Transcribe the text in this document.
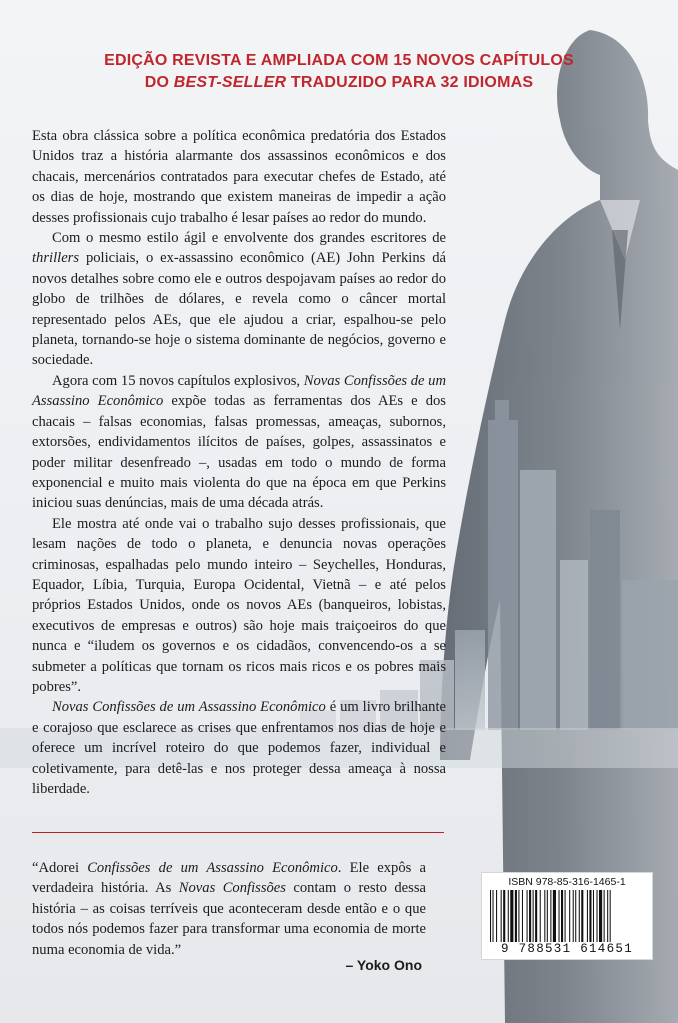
EDIÇÃO REVISTA E AMPLIADA COM 15 NOVOS CAPÍTULOS
DO BEST-SELLER TRADUZIDO PARA 32 IDIOMAS

Esta obra clássica sobre a política econômica predatória dos Estados Unidos traz a história alarmante dos assassinos econômicos e dos chacais, mercenários contratados para executar chefes de Estado, até os dias de hoje, mostrando que existem maneiras de impedir a ação desses profissionais cujo trabalho é lesar países ao redor do mundo.

Com o mesmo estilo ágil e envolvente dos grandes escritores de thrillers policiais, o ex-assassino econômico (AE) John Perkins dá novos detalhes sobre como ele e outros despojavam países ao redor do globo de trilhões de dólares, e revela como o câncer mortal representado pelos AEs, que ele ajudou a criar, espalhou-se pelo planeta, tornando-se hoje o sistema dominante de negócios, governo e sociedade.

Agora com 15 novos capítulos explosivos, Novas Confissões de um Assassino Econômico expõe todas as ferramentas dos AEs e dos chacais – falsas economias, falsas promessas, ameaças, subornos, extorsões, endividamentos ilícitos de países, golpes, assassinatos e poder militar desenfreado –, usadas em todo o mundo de forma exponencial e muito mais violenta do que na época em que Perkins iniciou suas denúncias, mais de uma década atrás.

Ele mostra até onde vai o trabalho sujo desses profissionais, que lesam nações de todo o planeta, e denuncia novas operações criminosas, espalhadas pelo mundo inteiro – Seychelles, Honduras, Equador, Líbia, Turquia, Europa Ocidental, Vietnã – e até pelos próprios Estados Unidos, onde os novos AEs (banqueiros, lobistas, executivos de empresas e outros) são hoje mais traiçoeiros do que nunca e “iludem os governos e os cidadãos, convencendo-os a se submeter a políticas que tornam os ricos mais ricos e os pobres mais pobres”.

Novas Confissões de um Assassino Econômico é um livro brilhante e corajoso que esclarece as crises que enfrentamos nos dias de hoje e oferece um incrível roteiro do que podemos fazer, individual e coletivamente, para detê-las e nos proteger dessa ameaça à nossa liberdade.

“Adorei Confissões de um Assassino Econômico. Ele expôs a verdadeira história. As Novas Confissões contam o resto dessa história – as coisas terríveis que aconteceram desde então e o que todos nós podemos fazer para transformar uma economia de morte numa economia de vida.”
– Yoko Ono
ISBN 978-85-316-1465-1
9 788531 614651
